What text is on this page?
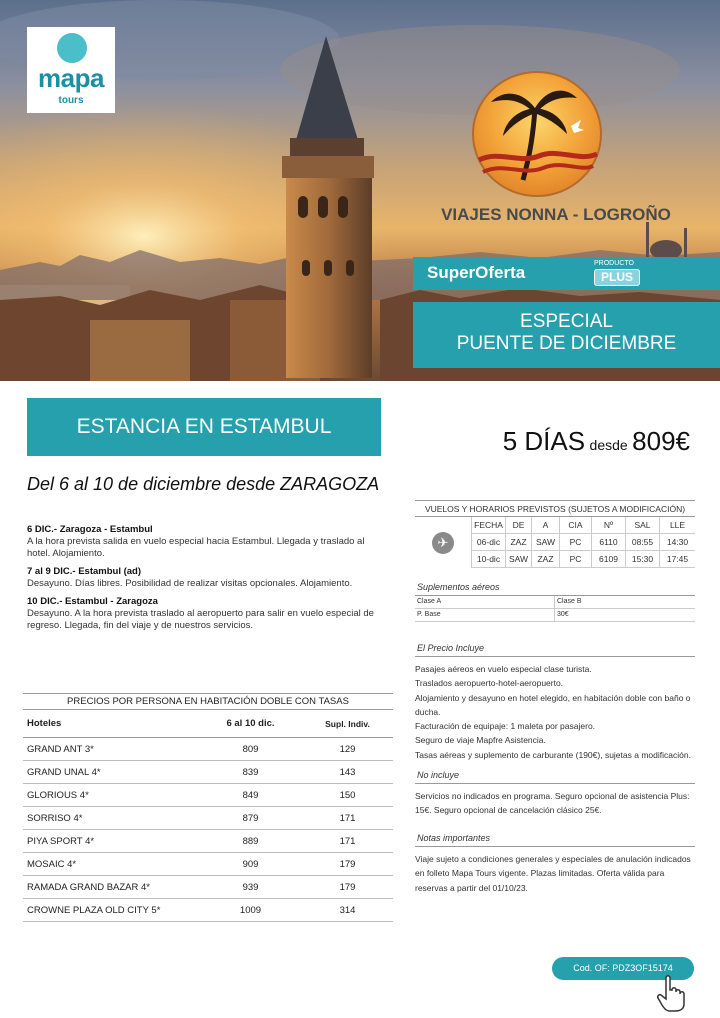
mapa
tours
VIAJES NONNA - LOGROÑO
SuperOferta	PRODUCTO
PLUS
ESPECIAL
PUENTE DE DICIEMBRE
ESTANCIA EN ESTAMBUL	5 DÍAS desde 809€
Del 6 al 10 de diciembre desde ZARAGOZA
6 DIC.- Zaragoza - Estambul
A la hora prevista salida en vuelo especial hacia Estambul. Llegada y traslado al hotel. Alojamiento.
7 al 9 DIC.- Estambul (ad)
Desayuno. Días libres. Posibilidad de realizar visitas opcionales. Alojamiento.
10 DIC.- Estambul - Zaragoza
Desayuno. A la hora prevista traslado al aeropuerto para salir en vuelo especial de regreso. Llegada, fin del viaje y de nuestros servicios.
PRECIOS POR PERSONA EN HABITACIÓN DOBLE CON TASAS
Hoteles	6 al 10 dic.	Supl. Indiv.
GRAND ANT 3*	809	129
GRAND UNAL 4*	839	143
GLORIOUS 4*	849	150
SORRISO 4*	879	171
PIYA SPORT 4*	889	171
MOSAIC 4*	909	179
RAMADA GRAND BAZAR 4*	939	179
CROWNE PLAZA OLD CITY 5*	1009	314
VUELOS Y HORARIOS PREVISTOS (SUJETOS A MODIFICACIÓN)
✈
FECHA	DE	A	CIA	Nº	SAL	LLE
06-dic	ZAZ	SAW	PC	6110	08:55	14:30
10-dic	SAW	ZAZ	PC	6109	15:30	17:45
Suplementos aéreos
Clase A	Clase B
P. Base	30€
El Precio Incluye
Pasajes aéreos en vuelo especial clase turista.
Traslados aeropuerto-hotel-aeropuerto.
Alojamiento y desayuno en hotel elegido, en habitación doble con baño o ducha.
Facturación de equipaje: 1 maleta por pasajero.
Seguro de viaje Mapfre Asistencia.
Tasas aéreas y suplemento de carburante (190€), sujetas a modificación.
No incluye
Servicios no indicados en programa. Seguro opcional de asistencia Plus: 15€. Seguro opcional de cancelación clásico 25€.
Notas importantes
Viaje sujeto a condiciones generales y especiales de anulación indicados en folleto Mapa Tours vigente. Plazas limitadas. Oferta válida para reservas a partir del 01/10/23.
Cod. OF: PDZ3OF15174
